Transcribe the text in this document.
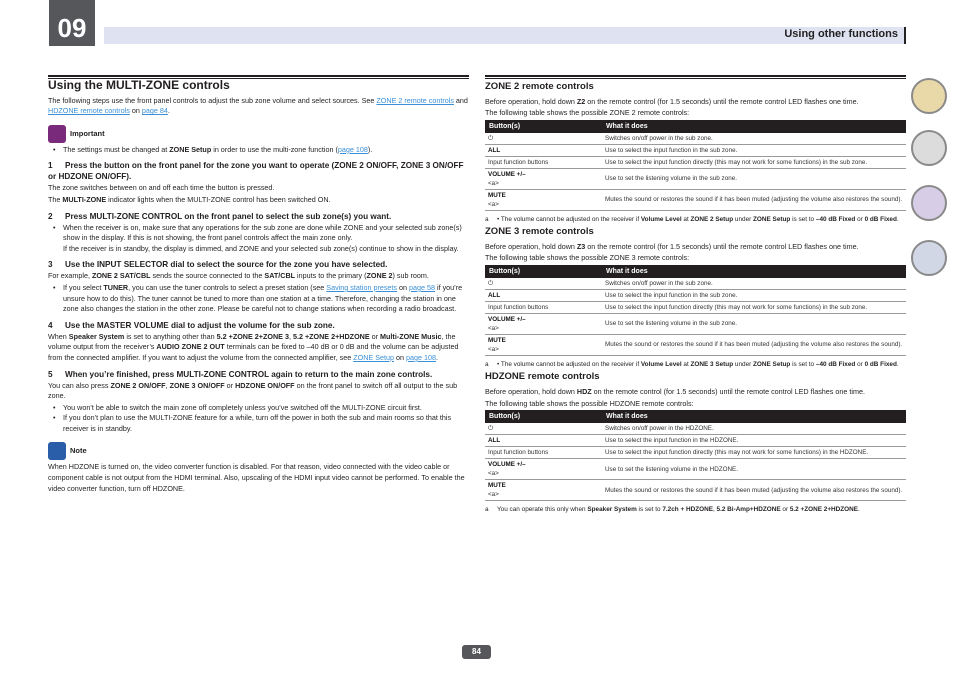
09	Using other functions
Using the MULTI-ZONE controls
The following steps use the front panel controls to adjust the sub zone volume and select sources. See ZONE 2 remote controls and HDZONE remote controls on page 84.
Important
• The settings must be changed at ZONE Setup in order to use the multi-zone function (page 108).
1 Press the button on the front panel for the zone you want to operate (ZONE 2 ON/OFF, ZONE 3 ON/OFF or HDZONE ON/OFF).
The zone switches between on and off each time the button is pressed.
The MULTI-ZONE indicator lights when the MULTI-ZONE control has been switched ON.
2 Press MULTI-ZONE CONTROL on the front panel to select the sub zone(s) you want.
• When the receiver is on, make sure that any operations for the sub zone are done while ZONE and your selected sub zone(s) show in the display. If this is not showing, the front panel controls affect the main zone only.
If the receiver is in standby, the display is dimmed, and ZONE and your selected sub zone(s) continue to show in the display.
3 Use the INPUT SELECTOR dial to select the source for the zone you have selected.
For example, ZONE 2 SAT/CBL sends the source connected to the SAT/CBL inputs to the primary (ZONE 2) sub room.
• If you select TUNER, you can use the tuner controls to select a preset station (see Saving station presets on page 58 if you’re unsure how to do this). The tuner cannot be tuned to more than one station at a time. Therefore, changing the station in one zone also changes the station in the other zone. Please be careful not to change stations when recording a radio broadcast.
4 Use the MASTER VOLUME dial to adjust the volume for the sub zone.
When Speaker System is set to anything other than 5.2 +ZONE 2+ZONE 3, 5.2 +ZONE 2+HDZONE or Multi-ZONE Music, the volume output from the receiver’s AUDIO ZONE 2 OUT terminals can be fixed to –40 dB or 0 dB and the volume can be adjusted from the connected amplifier. If you want to adjust the volume from the connected amplifier, see ZONE Setup on page 108.
5 When you’re finished, press MULTI-ZONE CONTROL again to return to the main zone controls.
You can also press ZONE 2 ON/OFF, ZONE 3 ON/OFF or HDZONE ON/OFF on the front panel to switch off all output to the sub zone.
• You won’t be able to switch the main zone off completely unless you’ve switched off the MULTI-ZONE circuit first.
• If you don’t plan to use the MULTI-ZONE feature for a while, turn off the power in both the sub and main rooms so that this receiver is in standby.
Note
When HDZONE is turned on, the video converter function is disabled. For that reason, video connected with the video cable or component cable is not output from the HDMI terminal. Also, upscaling of the HDMI input video cannot be performed. To enable the video converter function, turn off HDZONE.
ZONE 2 remote controls
Before operation, hold down Z2 on the remote control (for 1.5 seconds) until the remote control LED flashes one time.
The following table shows the possible ZONE 2 remote controls:
Button(s)	What it does
⏻	Switches on/off power in the sub zone.
ALL	Use to select the input function in the sub zone.
Input function buttons	Use to select the input function directly (this may not work for some functions) in the sub zone.
VOLUME +/–
<a>	Use to set the listening volume in the sub zone.
MUTE
<a>	Mutes the sound or restores the sound if it has been muted (adjusting the volume also restores the sound).
a • The volume cannot be adjusted on the receiver if Volume Level at ZONE 2 Setup under ZONE Setup is set to –40 dB Fixed or 0 dB Fixed.
ZONE 3 remote controls
Before operation, hold down Z3 on the remote control (for 1.5 seconds) until the remote control LED flashes one time.
The following table shows the possible ZONE 3 remote controls:
Button(s)	What it does
⏻	Switches on/off power in the sub zone.
ALL	Use to select the input function in the sub zone.
Input function buttons	Use to select the input function directly (this may not work for some functions) in the sub zone.
VOLUME +/–
<a>	Use to set the listening volume in the sub zone.
MUTE
<a>	Mutes the sound or restores the sound if it has been muted (adjusting the volume also restores the sound).
a • The volume cannot be adjusted on the receiver if Volume Level at ZONE 3 Setup under ZONE Setup is set to –40 dB Fixed or 0 dB Fixed.
HDZONE remote controls
Before operation, hold down HDZ on the remote control (for 1.5 seconds) until the remote control LED flashes one time.
The following table shows the possible HDZONE remote controls:
Button(s)	What it does
⏻	Switches on/off power in the HDZONE.
ALL	Use to select the input function in the HDZONE.
Input function buttons	Use to select the input function directly (this may not work for some functions) in the HDZONE.
VOLUME +/–
<a>	Use to set the listening volume in the HDZONE.
MUTE
<a>	Mutes the sound or restores the sound if it has been muted (adjusting the volume also restores the sound).
a You can operate this only when Speaker System is set to 7.2ch + HDZONE, 5.2 Bi-Amp+HDZONE or 5.2 +ZONE 2+HDZONE.
84
